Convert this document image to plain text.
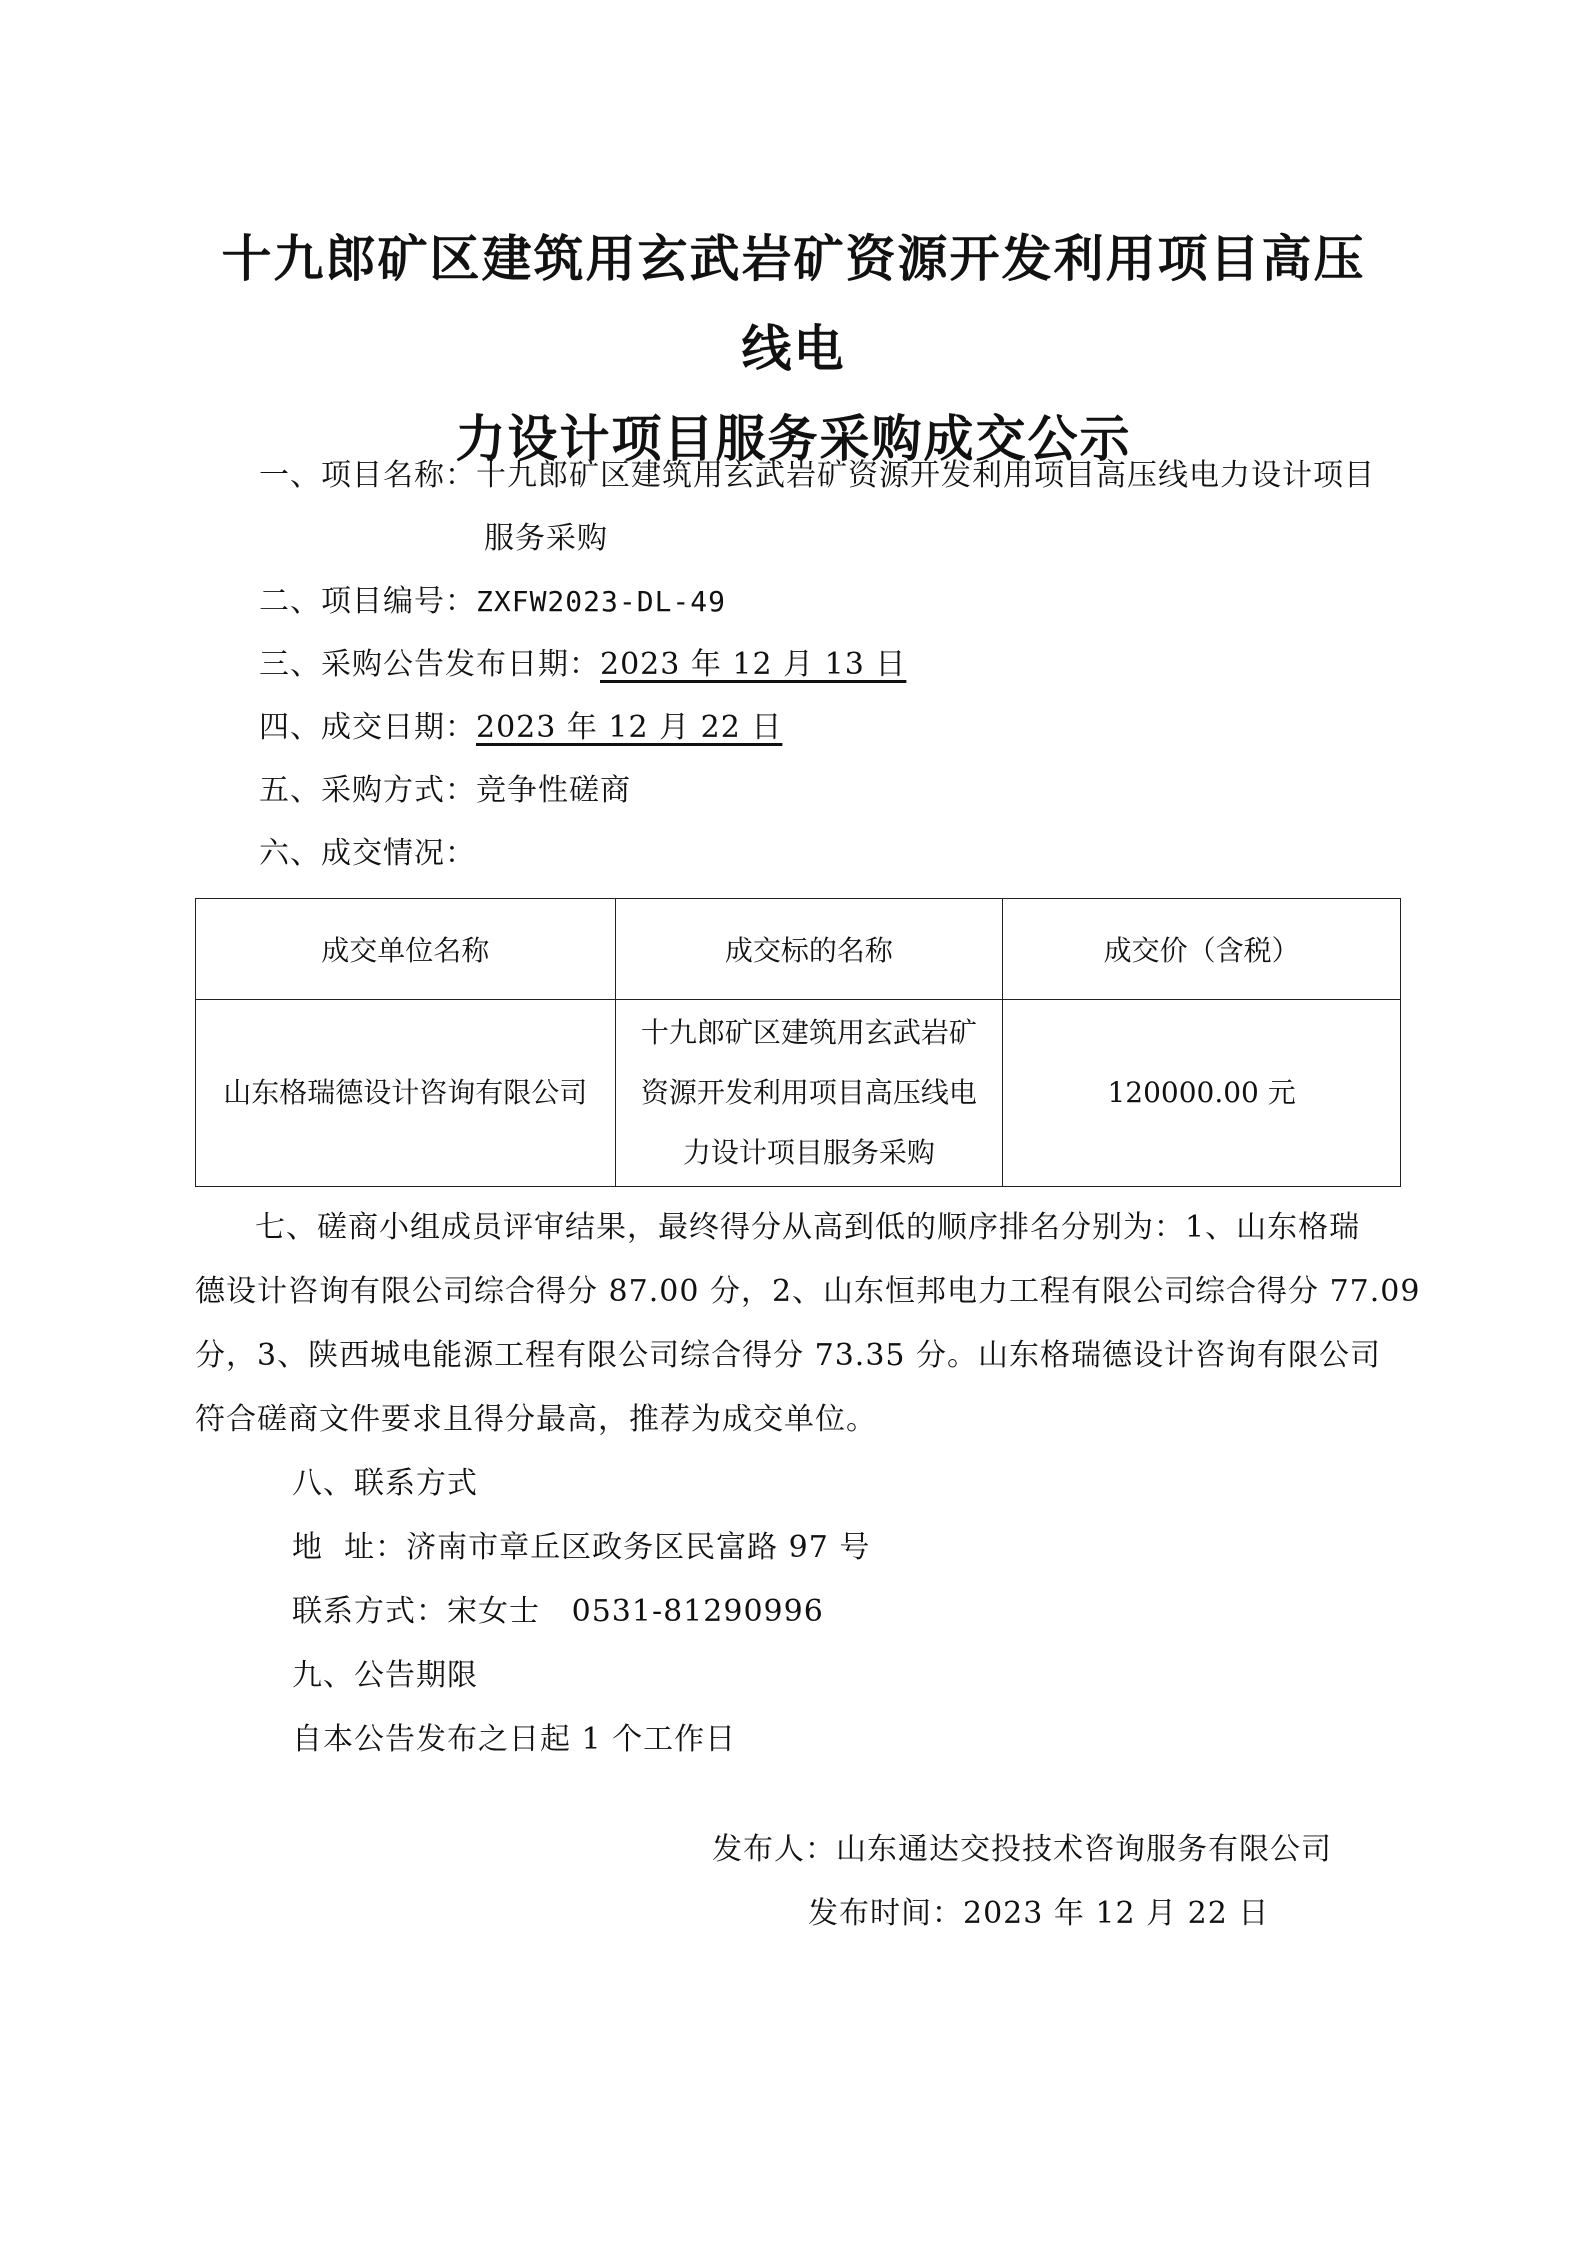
十九郎矿区建筑用玄武岩矿资源开发利用项目高压线电
力设计项目服务采购成交公示
一、项目名称：十九郎矿区建筑用玄武岩矿资源开发利用项目高压线电力设计项目
服务采购
二、项目编号：ZXFW2023-DL-49
三、采购公告发布日期：2023 年 12 月 13 日
四、成交日期：2023 年 12 月 22 日
五、采购方式：竞争性磋商
六、成交情况：
成交单位名称	成交标的名称	成交价（含税）
山东格瑞德设计咨询有限公司	十九郎矿区建筑用玄武岩矿
资源开发利用项目高压线电
力设计项目服务采购	120000.00 元
七、磋商小组成员评审结果，最终得分从高到低的顺序排名分别为：1、山东格瑞
德设计咨询有限公司综合得分 87.00 分，2、山东恒邦电力工程有限公司综合得分 77.09
分，3、陕西城电能源工程有限公司综合得分 73.35 分。山东格瑞德设计咨询有限公司
符合磋商文件要求且得分最高，推荐为成交单位。
八、联系方式
地  址：济南市章丘区政务区民富路 97 号
联系方式：宋女士   0531-81290996
九、公告期限
自本公告发布之日起 1 个工作日
发布人：山东通达交投技术咨询服务有限公司
发布时间：2023 年 12 月 22 日
